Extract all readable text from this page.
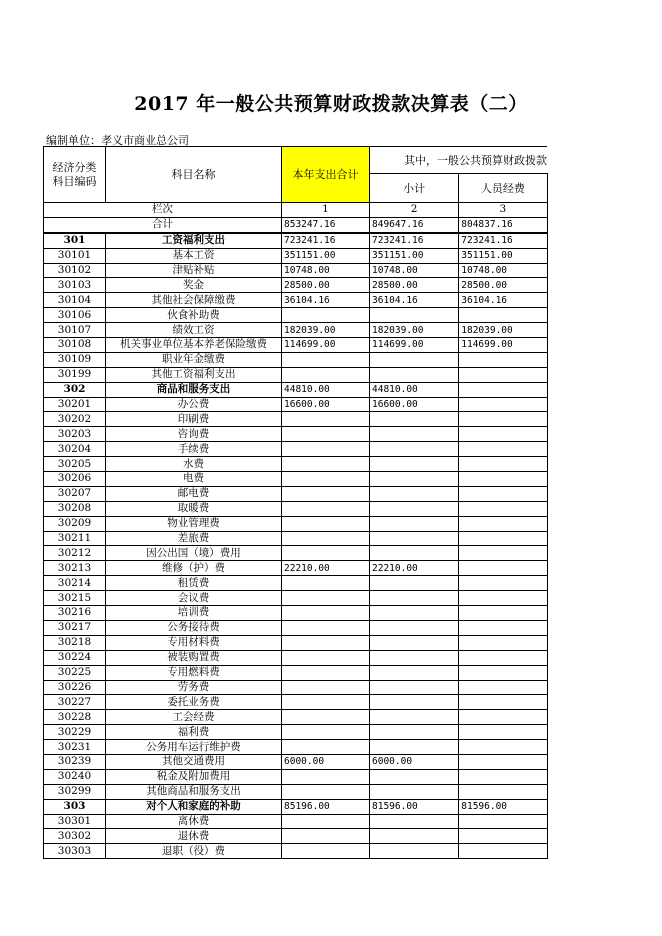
2017 年一般公共预算财政拨款决算表（二）
编制单位：孝义市商业总公司
经济分类
科目编码	科目名称	本年支出合计	其中，一般公共预算财政拨款	
			小计	人员经费
栏次		1	2	3
合计		853247.16	849647.16	804837.16
301	工资福利支出	723241.16	723241.16	723241.16
30101	基本工资	351151.00	351151.00	351151.00
30102	津贴补贴	10748.00	10748.00	10748.00
30103	奖金	28500.00	28500.00	28500.00
30104	其他社会保障缴费	36104.16	36104.16	36104.16
30106	伙食补助费			
30107	绩效工资	182039.00	182039.00	182039.00
30108	机关事业单位基本养老保险缴费	114699.00	114699.00	114699.00
30109	职业年金缴费			
30199	其他工资福利支出			
302	商品和服务支出	44810.00	44810.00	
30201	办公费	16600.00	16600.00	
30202	印刷费			
30203	咨询费			
30204	手续费			
30205	水费			
30206	电费			
30207	邮电费			
30208	取暖费			
30209	物业管理费			
30211	差旅费			
30212	因公出国（境）费用			
30213	维修（护）费	22210.00	22210.00	
30214	租赁费			
30215	会议费			
30216	培训费			
30217	公务接待费			
30218	专用材料费			
30224	被装购置费			
30225	专用燃料费			
30226	劳务费			
30227	委托业务费			
30228	工会经费			
30229	福利费			
30231	公务用车运行维护费			
30239	其他交通费用	6000.00	6000.00	
30240	税金及附加费用			
30299	其他商品和服务支出			
303	对个人和家庭的补助	85196.00	81596.00	81596.00
30301	离休费			
30302	退休费			
30303	退职（役）费			
